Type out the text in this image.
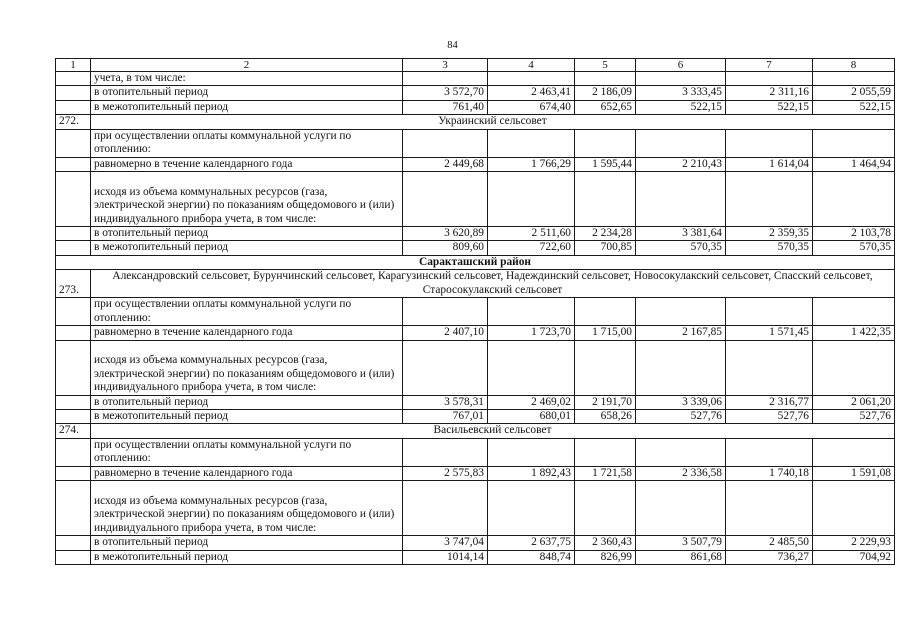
84
1	2	3	4	5	6	7	8
	учета, в том числе:						
	в отопительный период	3 572,70	2 463,41	2 186,09	3 333,45	2 311,16	2 055,59
	в межотопительный период	761,40	674,40	652,65	522,15	522,15	522,15
272.	Украинский сельсовет						
	при осуществлении оплаты коммунальной услуги по отоплению:						
	равномерно в течение календарного года	2 449,68	1 766,29	1 595,44	2 210,43	1 614,04	1 464,94
	исходя из объема коммунальных ресурсов (газа, электрической энергии) по показаниям общедомового и (или) индивидуального прибора учета, в том числе:						
	в отопительный период	3 620,89	2 511,60	2 234,28	3 381,64	2 359,35	2 103,78
	в межотопительный период	809,60	722,60	700,85	570,35	570,35	570,35
Саракташский район							
273.	Александровский сельсовет, Бурунчинский сельсовет, Карагузинский сельсовет, Надеждинский сельсовет, Новосокулакский сельсовет, Спасский сельсовет, Старосокулакский сельсовет						
	при осуществлении оплаты коммунальной услуги по отоплению:						
	равномерно в течение календарного года	2 407,10	1 723,70	1 715,00	2 167,85	1 571,45	1 422,35
	исходя из объема коммунальных ресурсов (газа, электрической энергии) по показаниям общедомового и (или) индивидуального прибора учета, в том числе:						
	в отопительный период	3 578,31	2 469,02	2 191,70	3 339,06	2 316,77	2 061,20
	в межотопительный период	767,01	680,01	658,26	527,76	527,76	527,76
274.	Васильевский сельсовет						
	при осуществлении оплаты коммунальной услуги по отоплению:						
	равномерно в течение календарного года	2 575,83	1 892,43	1 721,58	2 336,58	1 740,18	1 591,08
	исходя из объема коммунальных ресурсов (газа, электрической энергии) по показаниям общедомового и (или) индивидуального прибора учета, в том числе:						
	в отопительный период	3 747,04	2 637,75	2 360,43	3 507,79	2 485,50	2 229,93
	в межотопительный период	1014,14	848,74	826,99	861,68	736,27	704,92
